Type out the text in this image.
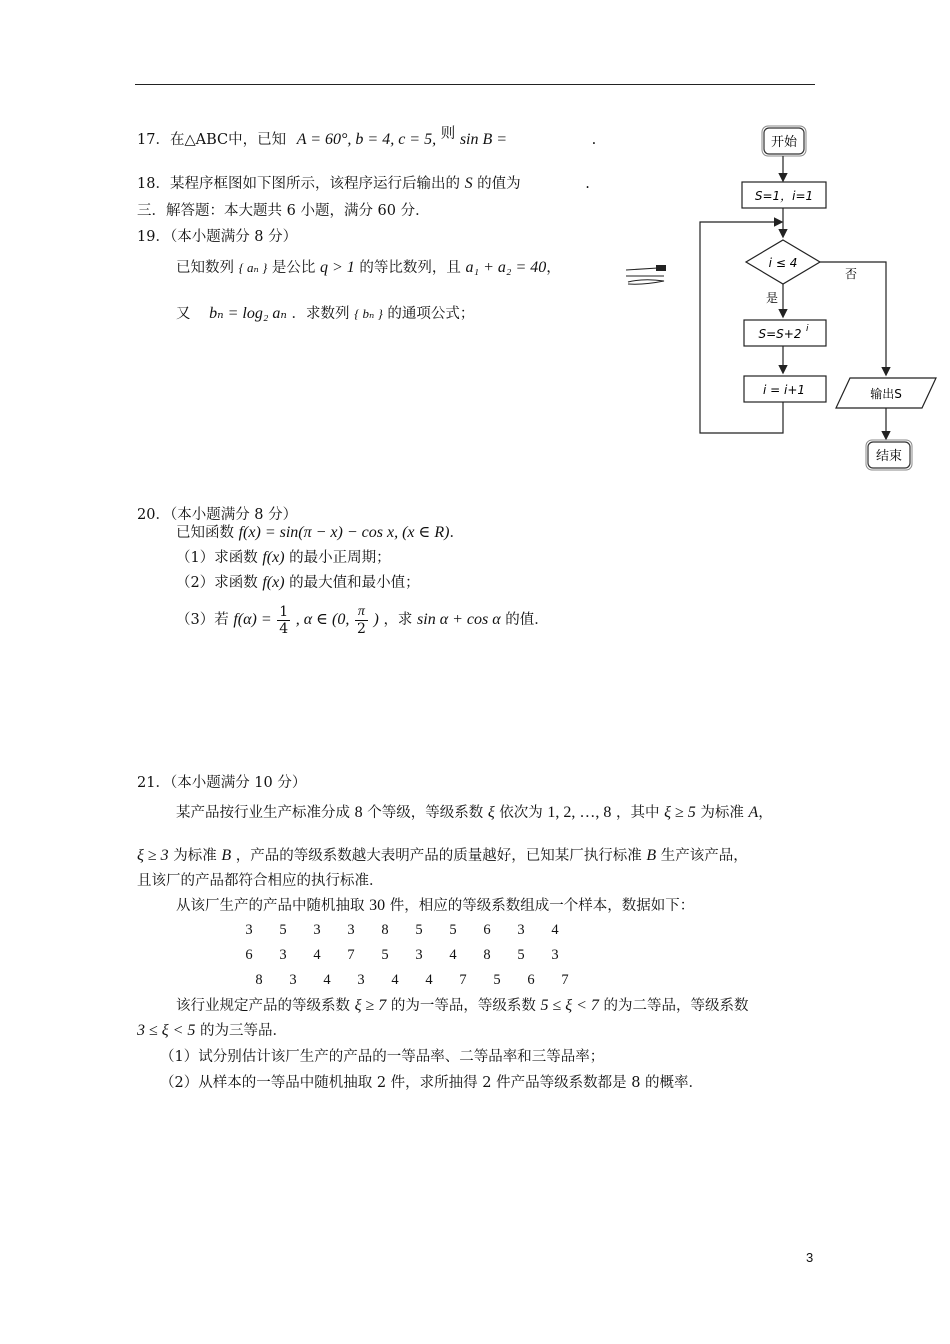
17．在△ABC中，已知 A = 60°, b = 4, c = 5, 则 sin B =	.
18．某程序框图如下图所示，该程序运行后输出的 S 的值为	.
三．解答题：本大题共 6 小题，满分 60 分．
19．（本小题满分 8 分）
已知数列 { aₙ } 是公比 q > 1 的等比数列，且 a₁ + a₂ = 40，
又 bₙ = log₂ aₙ ．求数列 { bₙ } 的通项公式；
开始
S=1，i=1
i ≤ 4
否
是
S=S+2 i
i = i+1	输出S
结束
20．（本小题满分 8 分）
已知函数 f(x) = sin(π − x) − cos x, (x ∈ R)．
（1）求函数 f(x) 的最小正周期；
（2）求函数 f(x) 的最大值和最小值；
（3）若 $f(\alpha) = \frac{1}{4}$ , α ∈ (0, $\frac{\pi}{2}$ ) ，求 sin α + cos α 的值．
21．（本小题满分 10 分）
某产品按行业生产标准分成 8 个等级，等级系数 ξ 依次为 1, 2, …, 8 ，其中 ξ ≥ 5 为标准 A，
ξ ≥ 3 为标准 B ，产品的等级系数越大表明产品的质量越好，已知某厂执行标准 B 生产该产品，
且该厂的产品都符合相应的执行标准．
从该厂生产的产品中随机抽取 30 件，相应的等级系数组成一个样本，数据如下：
3 5 3 3 8 5 5 6 3 4
6 3 4 7 5 3 4 8 5 3
8 3 4 3 4 4 7 5 6 7
该行业规定产品的等级系数 ξ ≥ 7 的为一等品，等级系数 5 ≤ ξ < 7 的为二等品，等级系数
3 ≤ ξ < 5 的为三等品．
（1）试分别估计该厂生产的产品的一等品率、二等品率和三等品率；
（2）从样本的一等品中随机抽取 2 件，求所抽得 2 件产品等级系数都是 8 的概率．
3
